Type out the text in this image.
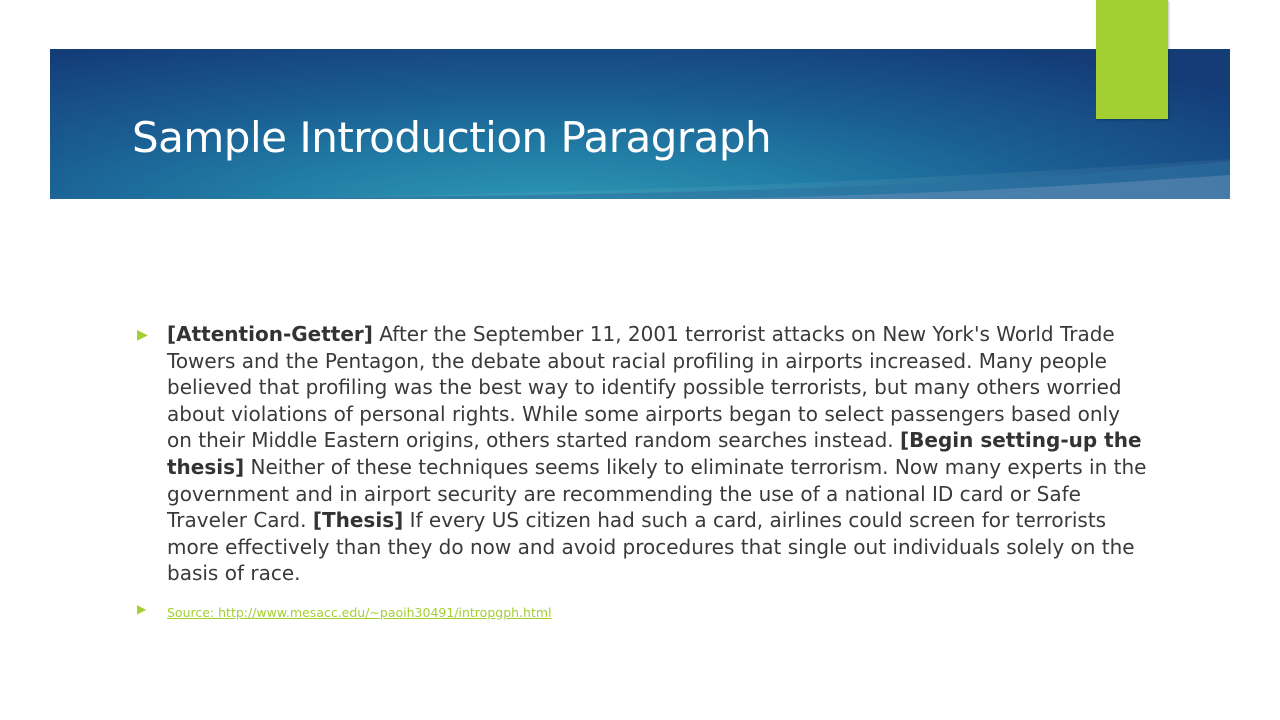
Sample Introduction Paragraph
▶ [Attention-Getter] After the September 11, 2001 terrorist attacks on New York's World Trade Towers and the Pentagon, the debate about racial profiling in airports increased. Many people believed that profiling was the best way to identify possible terrorists, but many others worried about violations of personal rights. While some airports began to select passengers based only on their Middle Eastern origins, others started random searches instead. [Begin setting-up the thesis] Neither of these techniques seems likely to eliminate terrorism. Now many experts in the government and in airport security are recommending the use of a national ID card or Safe Traveler Card. [Thesis] If every US citizen had such a card, airlines could screen for terrorists more effectively than they do now and avoid procedures that single out individuals solely on the basis of race.

▶ Source: http://www.mesacc.edu/~paoih30491/intropgph.html
